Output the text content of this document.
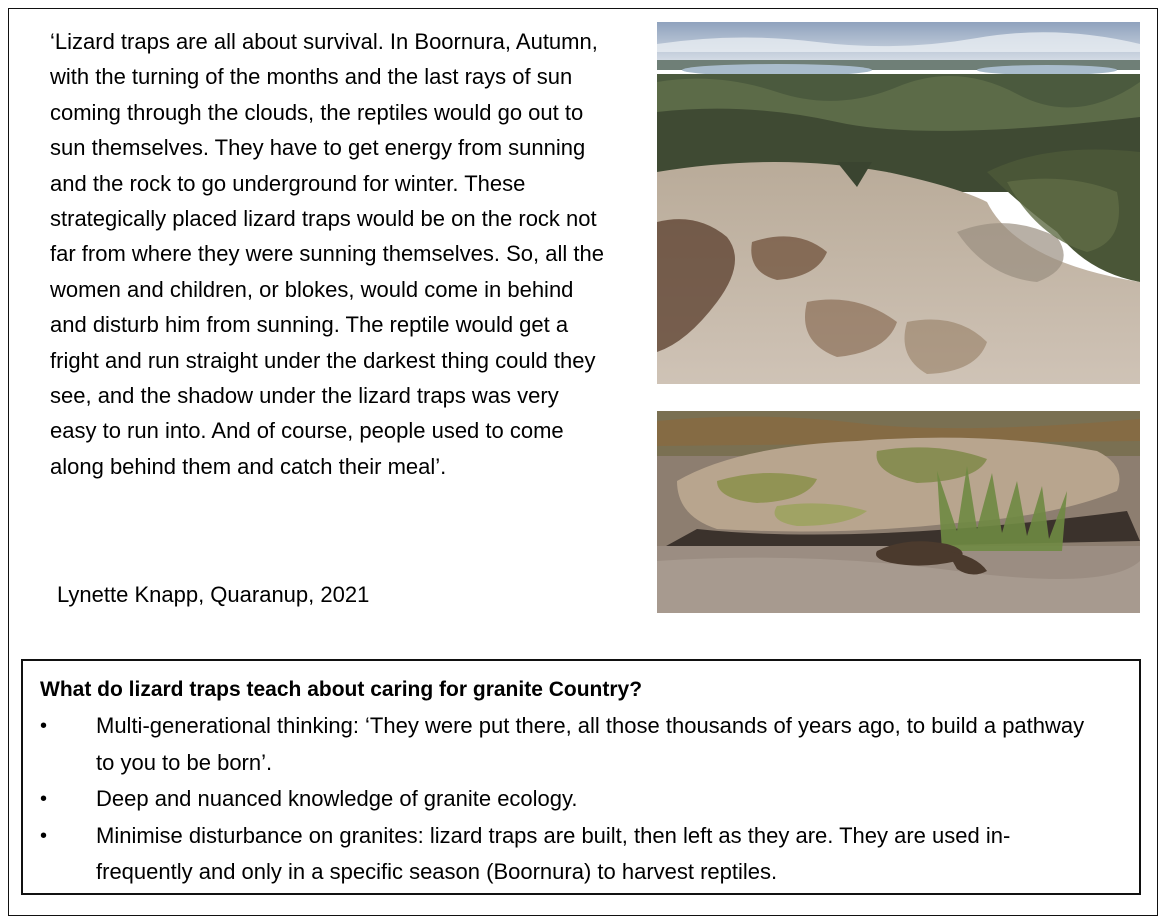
‘Lizard traps are all about survival. In Boornura, Autumn, with the turning of the months and the last rays of sun coming through the clouds, the reptiles would go out to sun themselves. They have to get energy from sunning and the rock to go underground for winter. These strategically placed lizard traps would be on the rock not far from where they were sunning themselves. So, all the women and children, or blokes, would come in behind and disturb him from sunning. The reptile would get a fright and run straight under the darkest thing could they see, and the shadow under the lizard traps was very easy to run into. And of course, people used to come along behind them and catch their meal’.

Lynette Knapp, Quaranup, 2021

What do lizard traps teach about caring for granite Country?
• Multi-generational thinking: ‘They were put there, all those thousands of years ago, to build a pathway to you to be born’.
• Deep and nuanced knowledge of granite ecology.
• Minimise disturbance on granites: lizard traps are built, then left as they are. They are used in-frequently and only in a specific season (Boornura) to harvest reptiles.
